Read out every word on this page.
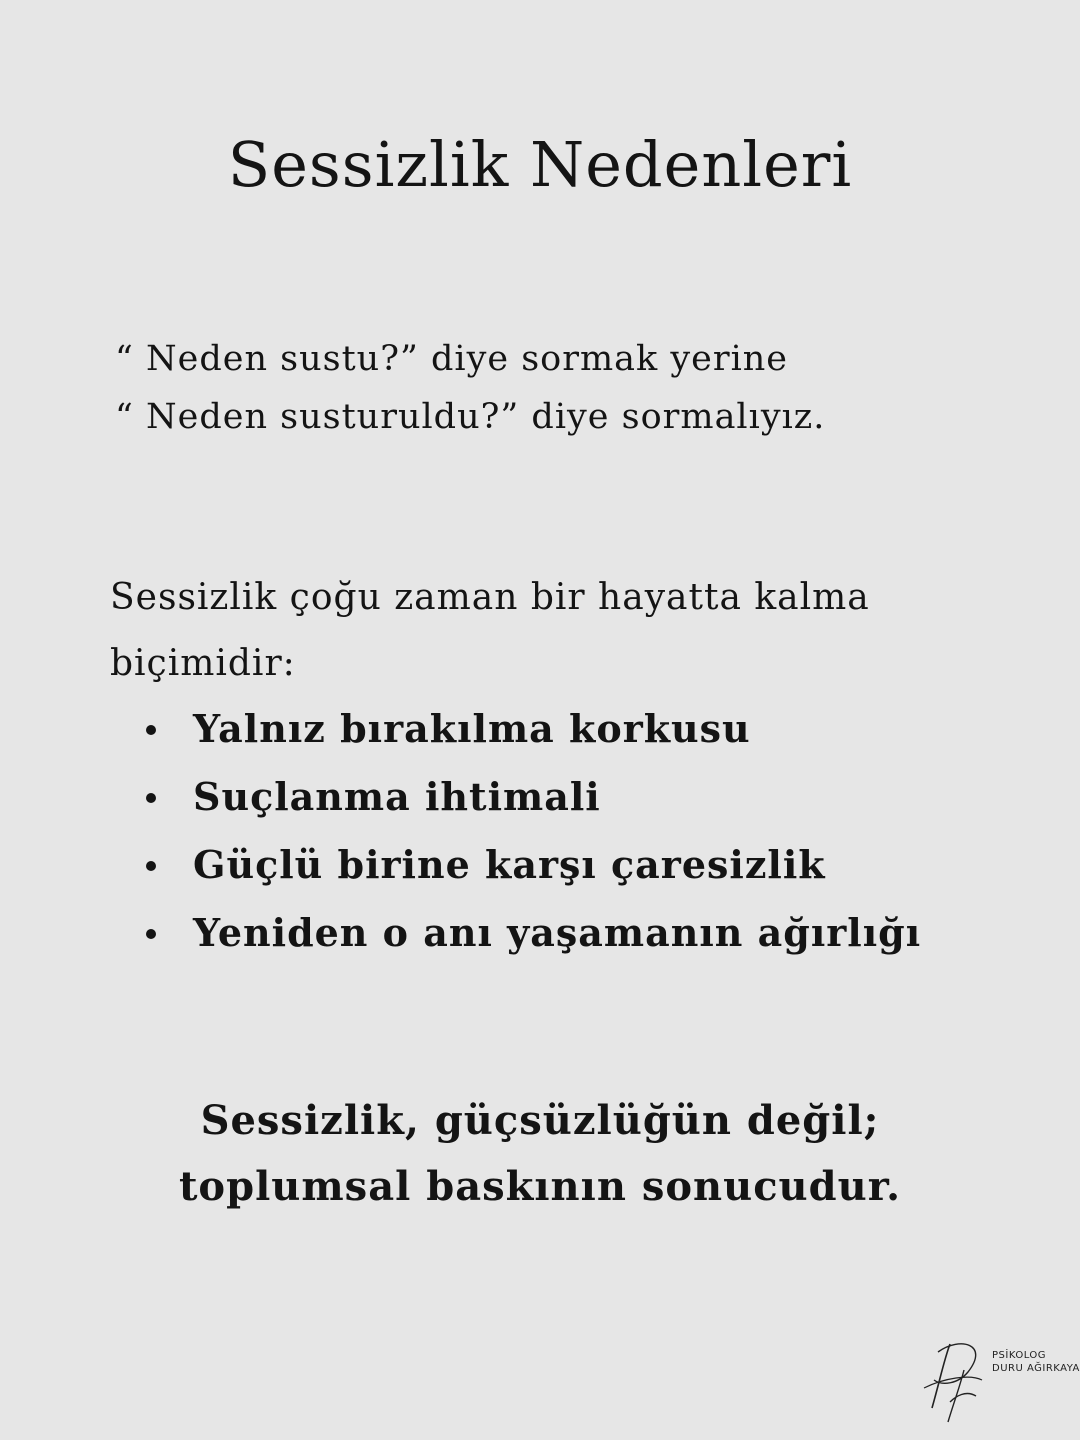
Sessizlik Nedenleri
“ Neden sustu?” diye sormak yerine
“ Neden susturuldu?” diye sormalıyız.
Sessizlik çoğu zaman bir hayatta kalma biçimidir:
Yalnız bırakılma korkusu
Suçlanma ihtimali
Güçlü birine karşı çaresizlik
Yeniden o anı yaşamanın ağırlığı
Sessizlik, güçsüzlüğün değil;
toplumsal baskının sonucudur.
PSİKOLOG
DURU AĞIRKAYA
